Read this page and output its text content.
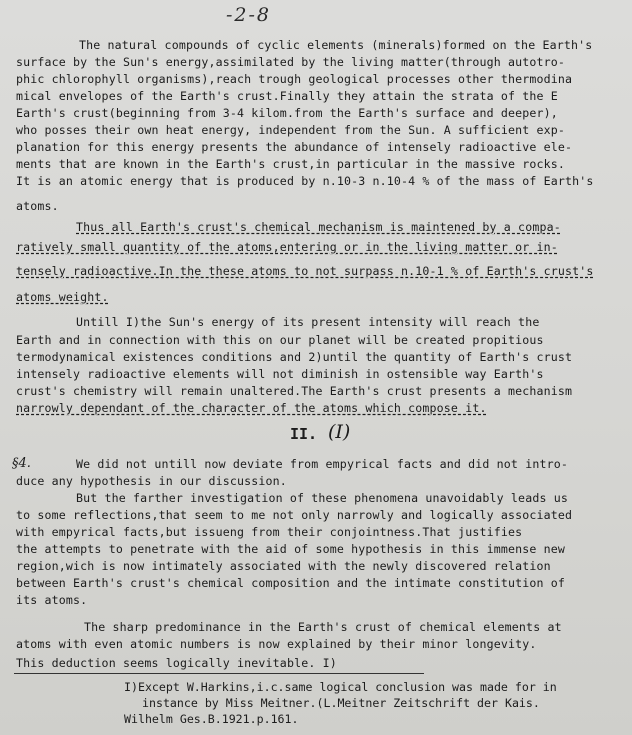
-2-8
The natural compounds of cyclic elements (minerals)formed on the Earth's
surface by the Sun's energy,assimilated by the living matter(through autotro-
phic chlorophyll organisms),reach trough geological processes other thermodina
mical envelopes of the Earth's crust.Finally they attain the strata of the E
Earth's crust(beginning from 3-4 kilom.from the Earth's surface and deeper),
who posses their own heat energy, independent from the Sun. A sufficient exp-
planation for this energy presents the abundance of intensely radioactive ele-
ments that are known in the Earth's crust,in particular in the massive rocks.
It is an atomic energy that is produced by n.10-3 n.10-4 % of the mass of Earth's
atoms.
Thus all Earth's crust's chemical mechanism is maintened by a compa-
ratively small quantity of the atoms,entering or in the living matter or in-
tensely radioactive.In the these atoms to not surpass n.10-1 % of Earth's crust's
atoms weight.
Untill I)the Sun's energy of its present intensity will reach the
Earth and in connection with this on our planet will be created propitious
termodynamical existences conditions and 2)until the quantity of Earth's crust
intensely radioactive elements will not diminish in ostensible way Earth's
crust's chemistry will remain unaltered.The Earth's crust presents a mechanism
narrowly dependant of the character of the atoms which compose it.
II. (I)
§4.	We did not untill now deviate from empyrical facts and did not intro-
duce any hypothesis in our discussion.
But the farther investigation of these phenomena unavoidably leads us
to some reflections,that seem to me not only narrowly and logically associated
with empyrical facts,but issueng from their conjointness.That justifies
the attempts to penetrate with the aid of some hypothesis in this immense new
region,wich is now intimately associated with the newly discovered relation
between Earth's crust's chemical composition and the intimate constitution of
its atoms.
The sharp predominance in the Earth's crust of chemical elements at
atoms with even atomic numbers is now explained by their minor longevity.
This deduction seems logically inevitable. I)
I)Except W.Harkins,i.c.same logical conclusion was made for in
instance by Miss Meitner.(L.Meitner Zeitschrift der Kais.
Wilhelm Ges.B.1921.p.161.
